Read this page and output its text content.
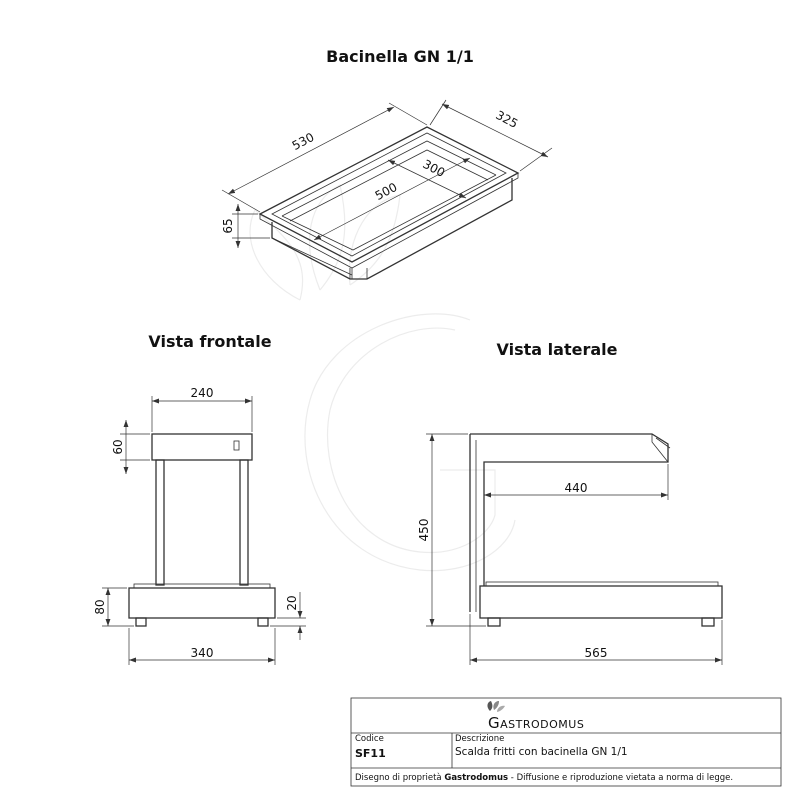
Bacinella GN 1/1
Vista frontale	Vista laterale
530
325
300
500
65
240
60
80	20
340
450
440
565
Gastrodomus
Codice
SF11
Descrizione
Scalda fritti con bacinella GN 1/1
Disegno di proprietà Gastrodomus - Diffusione e riproduzione vietata a norma di legge.
